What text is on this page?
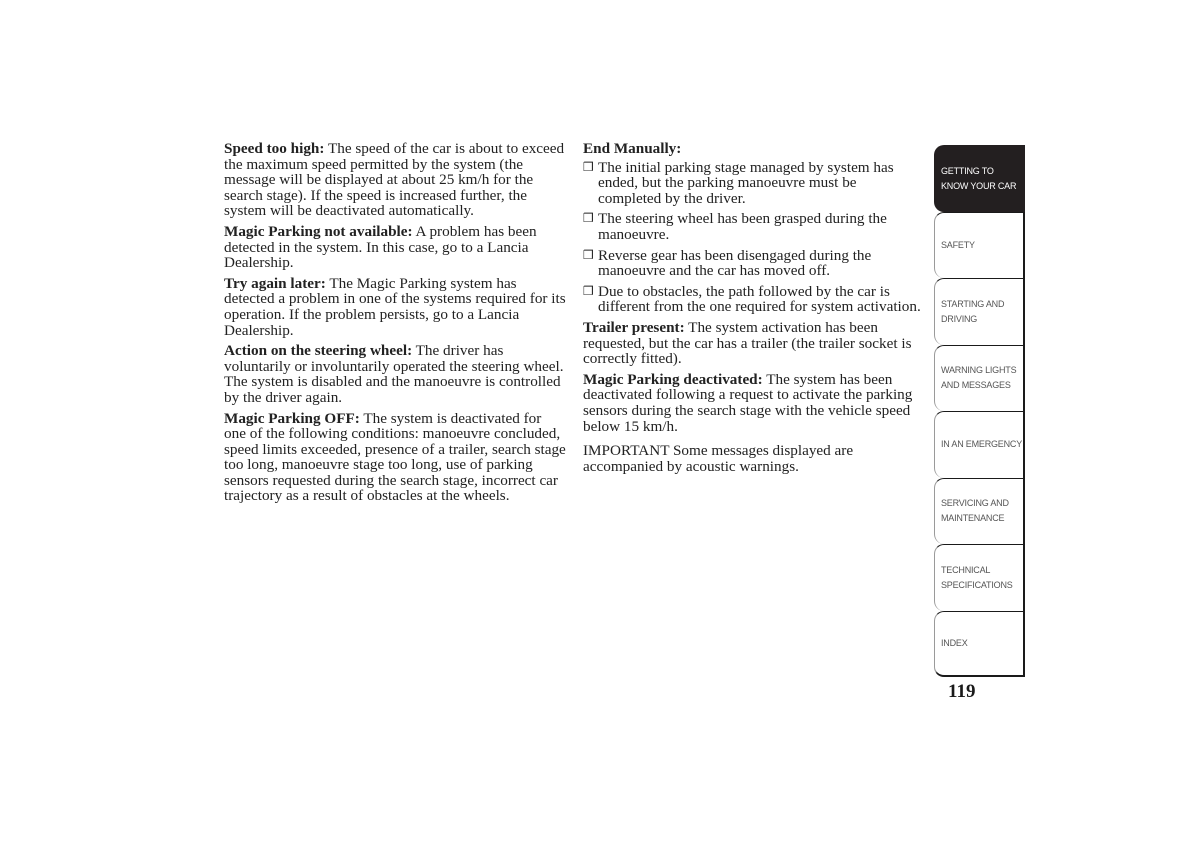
Speed too high: The speed of the car is about to exceed the maximum speed permitted by the system (the message will be displayed at about 25 km/h for the search stage). If the speed is increased further, the system will be deactivated automatically.

Magic Parking not available: A problem has been detected in the system. In this case, go to a Lancia Dealership.

Try again later: The Magic Parking system has detected a problem in one of the systems required for its operation. If the problem persists, go to a Lancia Dealership.

Action on the steering wheel: The driver has voluntarily or involuntarily operated the steering wheel. The system is disabled and the manoeuvre is controlled by the driver again.

Magic Parking OFF: The system is deactivated for one of the following conditions: manoeuvre concluded, speed limits exceeded, presence of a trailer, search stage too long, manoeuvre stage too long, use of parking sensors requested during the search stage, incorrect car trajectory as a result of obstacles at the wheels.

End Manually:
❒ The initial parking stage managed by system has ended, but the parking manoeuvre must be completed by the driver.
❒ The steering wheel has been grasped during the manoeuvre.
❒ Reverse gear has been disengaged during the manoeuvre and the car has moved off.
❒ Due to obstacles, the path followed by the car is different from the one required for system activation.

Trailer present: The system activation has been requested, but the car has a trailer (the trailer socket is correctly fitted).

Magic Parking deactivated: The system has been deactivated following a request to activate the parking sensors during the search stage with the vehicle speed below 15 km/h.

IMPORTANT Some messages displayed are accompanied by acoustic warnings.

GETTING TO
KNOW YOUR CAR
SAFETY
STARTING AND
DRIVING
WARNING LIGHTS
AND MESSAGES
IN AN EMERGENCY
SERVICING AND
MAINTENANCE
TECHNICAL
SPECIFICATIONS
INDEX
119
